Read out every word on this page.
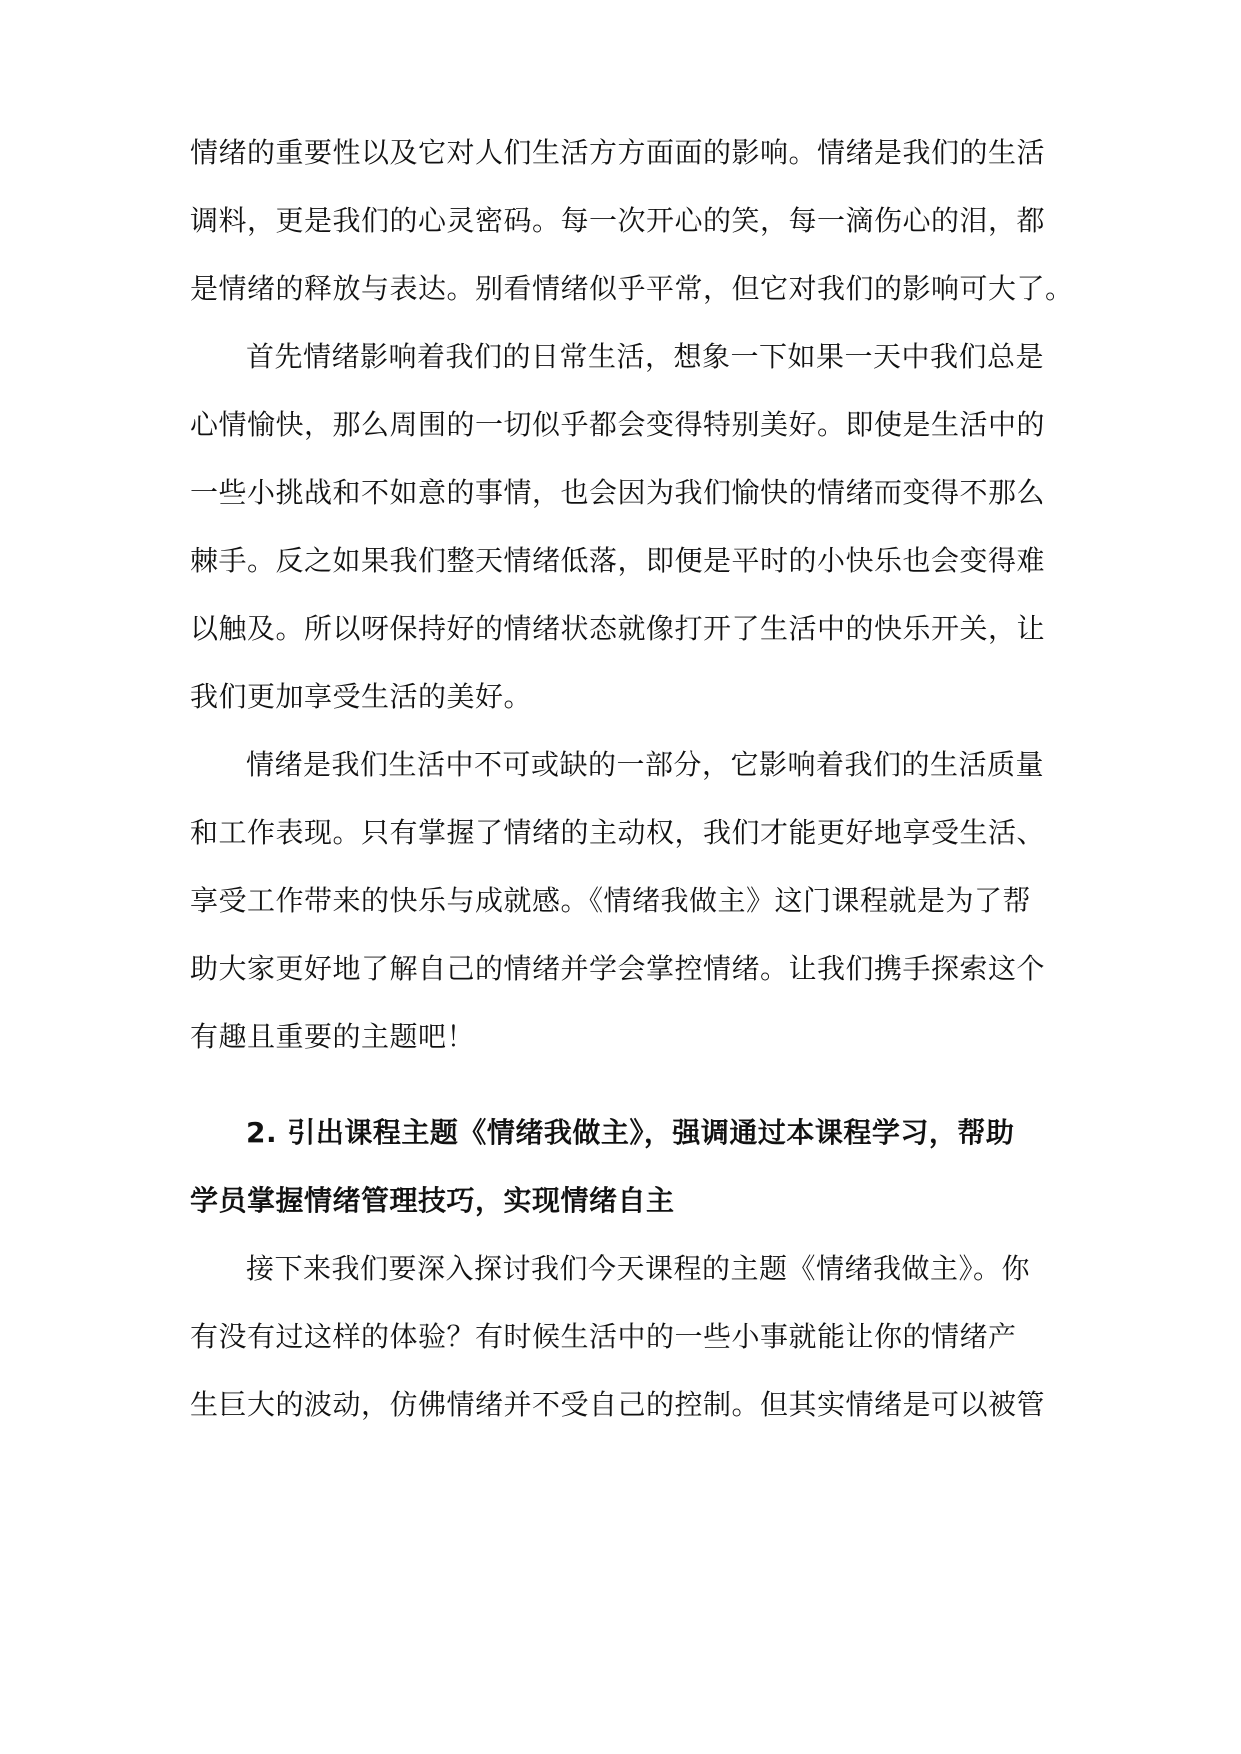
情绪的重要性以及它对人们生活方方面面的影响。情绪是我们的生活
调料，更是我们的心灵密码。每一次开心的笑，每一滴伤心的泪，都
是情绪的释放与表达。别看情绪似乎平常，但它对我们的影响可大了。
首先情绪影响着我们的日常生活，想象一下如果一天中我们总是
心情愉快，那么周围的一切似乎都会变得特别美好。即使是生活中的
一些小挑战和不如意的事情，也会因为我们愉快的情绪而变得不那么
棘手。反之如果我们整天情绪低落，即便是平时的小快乐也会变得难
以触及。所以呀保持好的情绪状态就像打开了生活中的快乐开关，让
我们更加享受生活的美好。
情绪是我们生活中不可或缺的一部分，它影响着我们的生活质量
和工作表现。只有掌握了情绪的主动权，我们才能更好地享受生活、
享受工作带来的快乐与成就感。《情绪我做主》这门课程就是为了帮
助大家更好地了解自己的情绪并学会掌控情绪。让我们携手探索这个
有趣且重要的主题吧！
2. 引出课程主题《情绪我做主》，强调通过本课程学习，帮助
学员掌握情绪管理技巧，实现情绪自主
接下来我们要深入探讨我们今天课程的主题《情绪我做主》。你
有没有过这样的体验？有时候生活中的一些小事就能让你的情绪产
生巨大的波动，仿佛情绪并不受自己的控制。但其实情绪是可以被管
